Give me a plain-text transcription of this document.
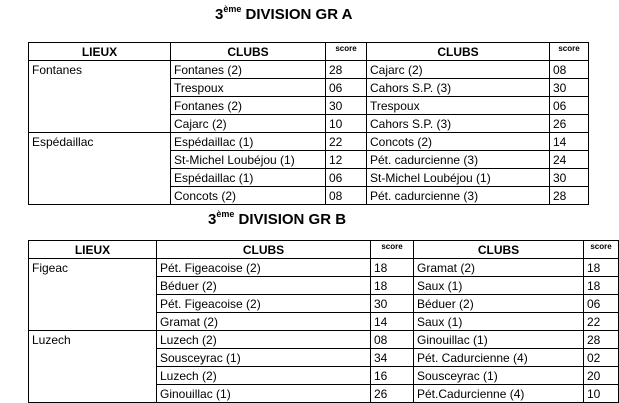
3ème DIVISION GR A
LIEUX	CLUBS	score	CLUBS	score
Fontanes	Fontanes (2)	28	Cajarc (2)	08
	Trespoux	06	Cahors S.P. (3)	30
	Fontanes (2)	30	Trespoux	06
	Cajarc (2)	10	Cahors S.P. (3)	26
Espédaillac	Espédaillac (1)	22	Concots (2)	14
	St-Michel Loubéjou (1)	12	Pét. cadurcienne (3)	24
	Espédaillac (1)	06	St-Michel Loubéjou (1)	30
	Concots (2)	08	Pét. cadurcienne (3)	28
3ème DIVISION GR B
LIEUX	CLUBS	score	CLUBS	score
Figeac	Pét. Figeacoise (2)	18	Gramat (2)	18
	Béduer (2)	18	Saux (1)	18
	Pét. Figeacoise (2)	30	Béduer (2)	06
	Gramat (2)	14	Saux (1)	22
Luzech	Luzech (2)	08	Ginouillac (1)	28
	Sousceyrac (1)	34	Pét. Cadurcienne (4)	02
	Luzech (2)	16	Sousceyrac (1)	20
	Ginouillac (1)	26	Pét.Cadurcienne (4)	10
